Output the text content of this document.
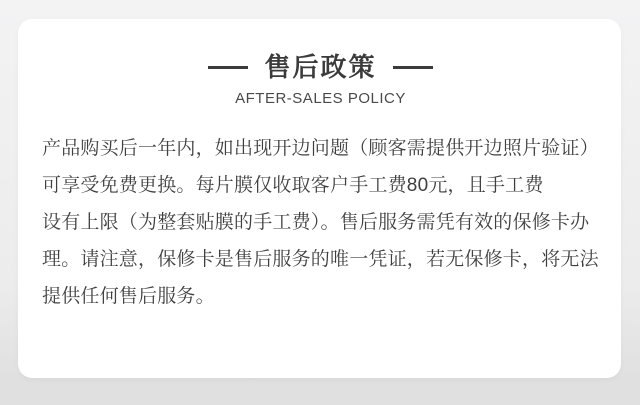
售后政策
AFTER-SALES POLICY
产品购买后一年内，如出现开边问题（顾客需提供开边照片验证）
可享受免费更换。每片膜仅收取客户手工费80元，且手工费
设有上限（为整套贴膜的手工费）。售后服务需凭有效的保修卡办
理。请注意，保修卡是售后服务的唯一凭证，若无保修卡，将无法
提供任何售后服务。
